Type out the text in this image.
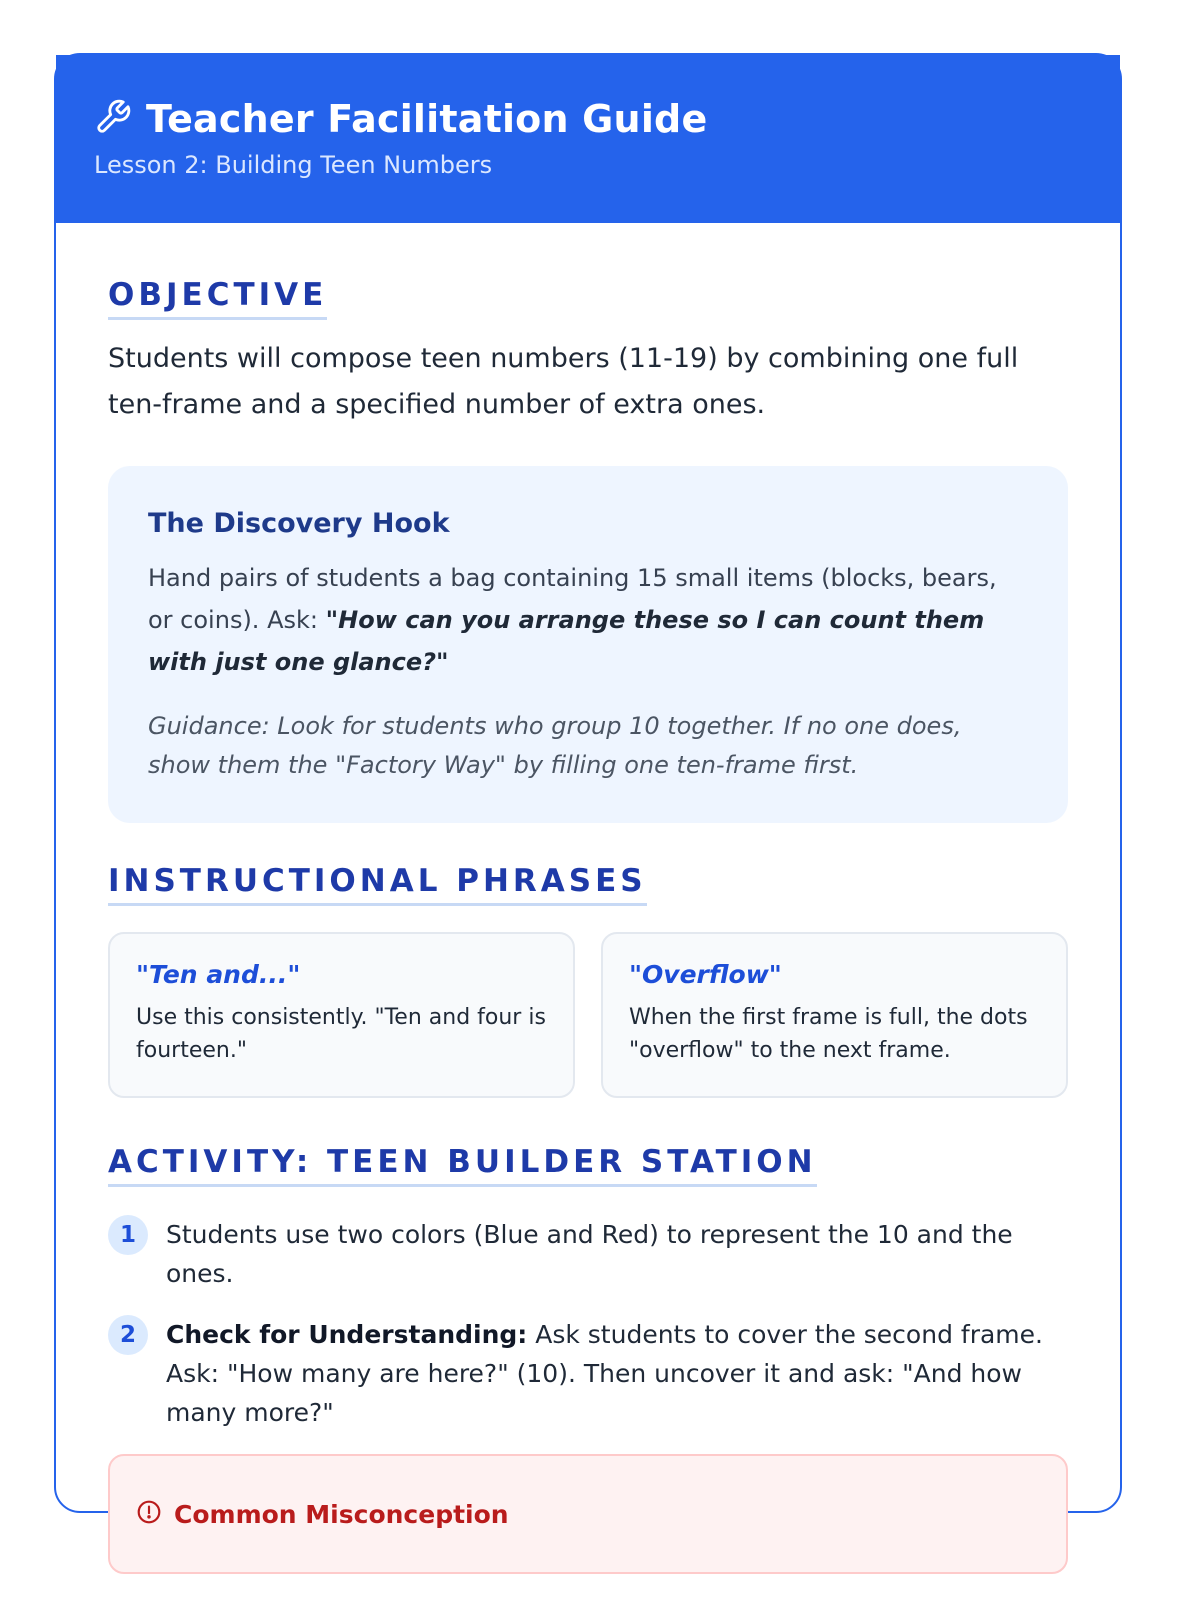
Teacher Facilitation Guide
Lesson 2: Building Teen Numbers
OBJECTIVE

Students will compose teen numbers (11-19) by combining one full ten-frame and a specified number of extra ones.

The Discovery Hook

Hand pairs of students a bag containing 15 small items (blocks, bears, or coins). Ask: "How can you arrange these so I can count them with just one glance?"

Guidance: Look for students who group 10 together. If no one does, show them the "Factory Way" by filling one ten-frame first.

INSTRUCTIONAL PHRASES

"Ten and..."

Use this consistently. "Ten and four is fourteen."

"Overflow"

When the first frame is full, the dots "overflow" to the next frame.

ACTIVITY: TEEN BUILDER STATION
1	Students use two colors (Blue and Red) to represent the 10 and the ones.
2	Check for Understanding: Ask students to cover the second frame. Ask: "How many are here?" (10). Then uncover it and ask: "And how many more?"
Common Misconception
